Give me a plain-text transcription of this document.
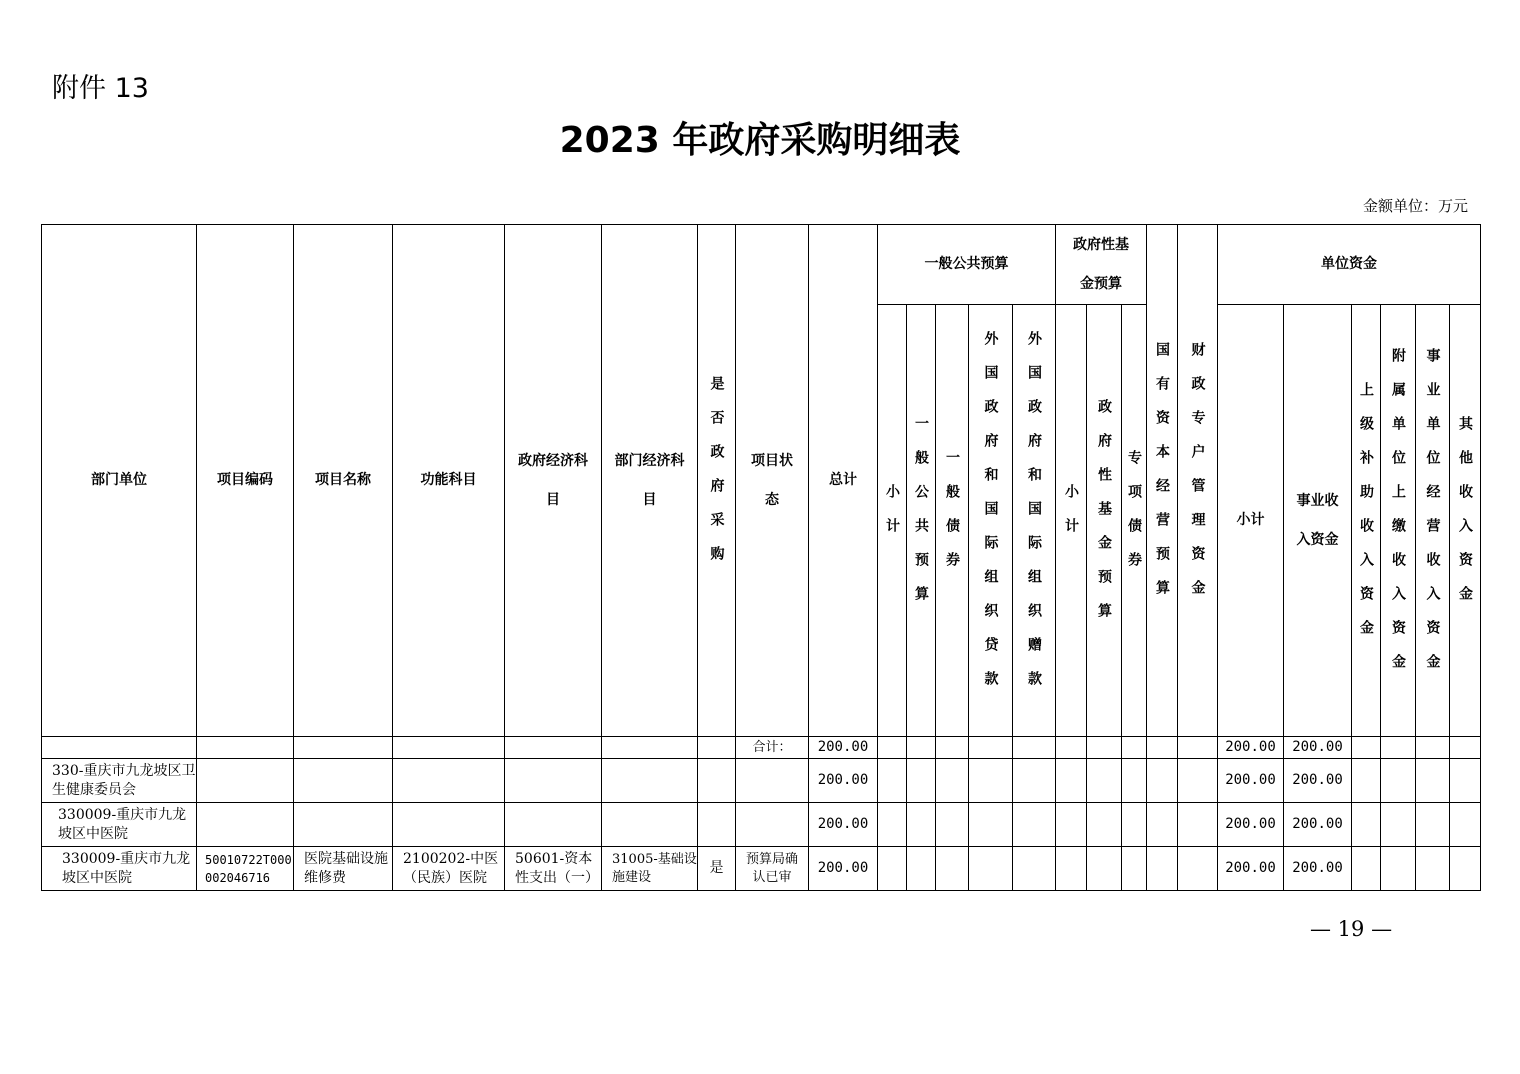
附件 13
2023 年政府采购明细表
金额单位：万元
部门单位	项目编码	项目名称	功能科目	政府经济科目	部门经济科目	是否政府采购	项目状态	总计	一般公共预算					政府性基金预算			国有资本经营预算	财政专户管理资金	单位资金					
									小计	一般公共预算	一般债券	外国政府和国际组织贷款	外国政府和国际组织赠款	小计	政府性基金预算	专项债券			小计	事业收入资金	上级补助收入资金	附属单位上缴收入资金	事业单位经营收入资金	其他收入资金
							合计：	200.00											200.00	200.00				
330-重庆市九龙坡区卫生健康委员会								200.00											200.00	200.00				
330009-重庆市九龙坡区中医院								200.00											200.00	200.00				
330009-重庆市九龙坡区中医院	50010722T000002046716	医院基础设施维修费	2100202-中医（民族）医院	50601-资本性支出（一）	31005-基础设施建设	是	预算局确认已审	200.00											200.00	200.00				
— 19 —
